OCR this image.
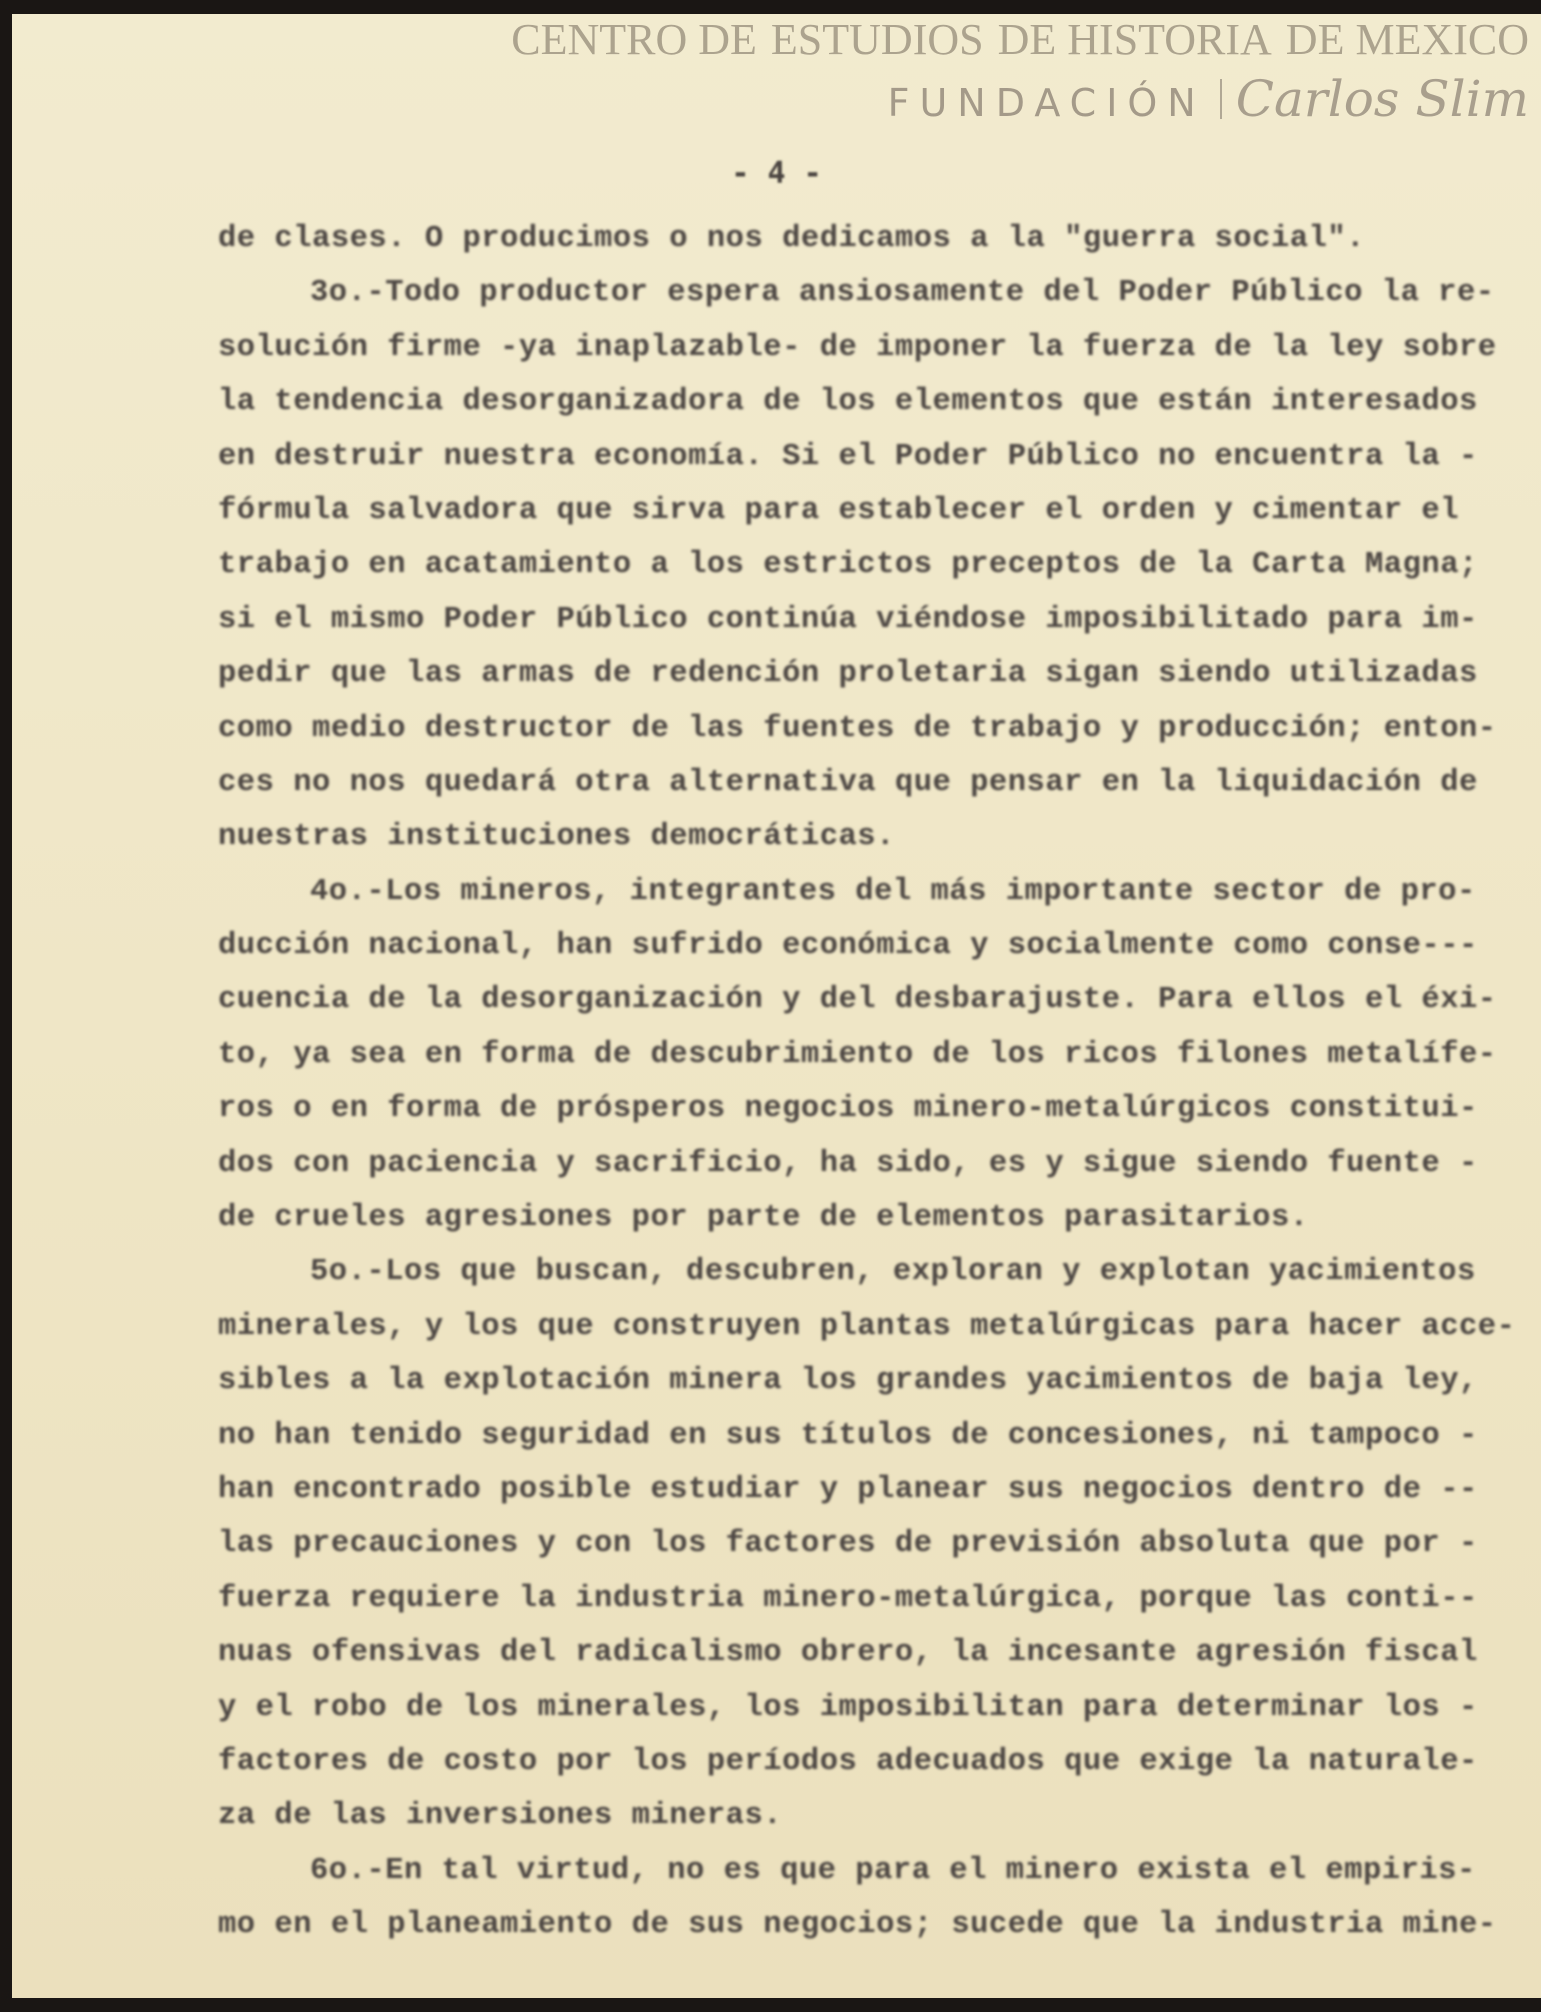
- 4 -
de clases. O producimos o nos dedicamos a la "guerra social".
3o.-Todo productor espera ansiosamente del Poder Público la re-
solución firme -ya inaplazable- de imponer la fuerza de la ley sobre
la tendencia desorganizadora de los elementos que están interesados
en destruir nuestra economía. Si el Poder Público no encuentra la -
fórmula salvadora que sirva para establecer el orden y cimentar el
trabajo en acatamiento a los estrictos preceptos de la Carta Magna;
si el mismo Poder Público continúa viéndose imposibilitado para im-
pedir que las armas de redención proletaria sigan siendo utilizadas
como medio destructor de las fuentes de trabajo y producción; enton-
ces no nos quedará otra alternativa que pensar en la liquidación de
nuestras instituciones democráticas.
4o.-Los mineros, integrantes del más importante sector de pro-
ducción nacional, han sufrido económica y socialmente como conse---
cuencia de la desorganización y del desbarajuste. Para ellos el éxi-
to, ya sea en forma de descubrimiento de los ricos filones metalífe-
ros o en forma de prósperos negocios minero-metalúrgicos constitui-
dos con paciencia y sacrificio, ha sido, es y sigue siendo fuente -
de crueles agresiones por parte de elementos parasitarios.
5o.-Los que buscan, descubren, exploran y explotan yacimientos
minerales, y los que construyen plantas metalúrgicas para hacer acce-
sibles a la explotación minera los grandes yacimientos de baja ley,
no han tenido seguridad en sus títulos de concesiones, ni tampoco -
han encontrado posible estudiar y planear sus negocios dentro de --
las precauciones y con los factores de previsión absoluta que por -
fuerza requiere la industria minero-metalúrgica, porque las conti--
nuas ofensivas del radicalismo obrero, la incesante agresión fiscal
y el robo de los minerales, los imposibilitan para determinar los -
factores de costo por los períodos adecuados que exige la naturale-
za de las inversiones mineras.
6o.-En tal virtud, no es que para el minero exista el empiris-
mo en el planeamiento de sus negocios; sucede que la industria mine-
CENTRO DE ESTUDIOS DE HISTORIA DE MEXICO
FUNDACIÓN Carlos Slim
